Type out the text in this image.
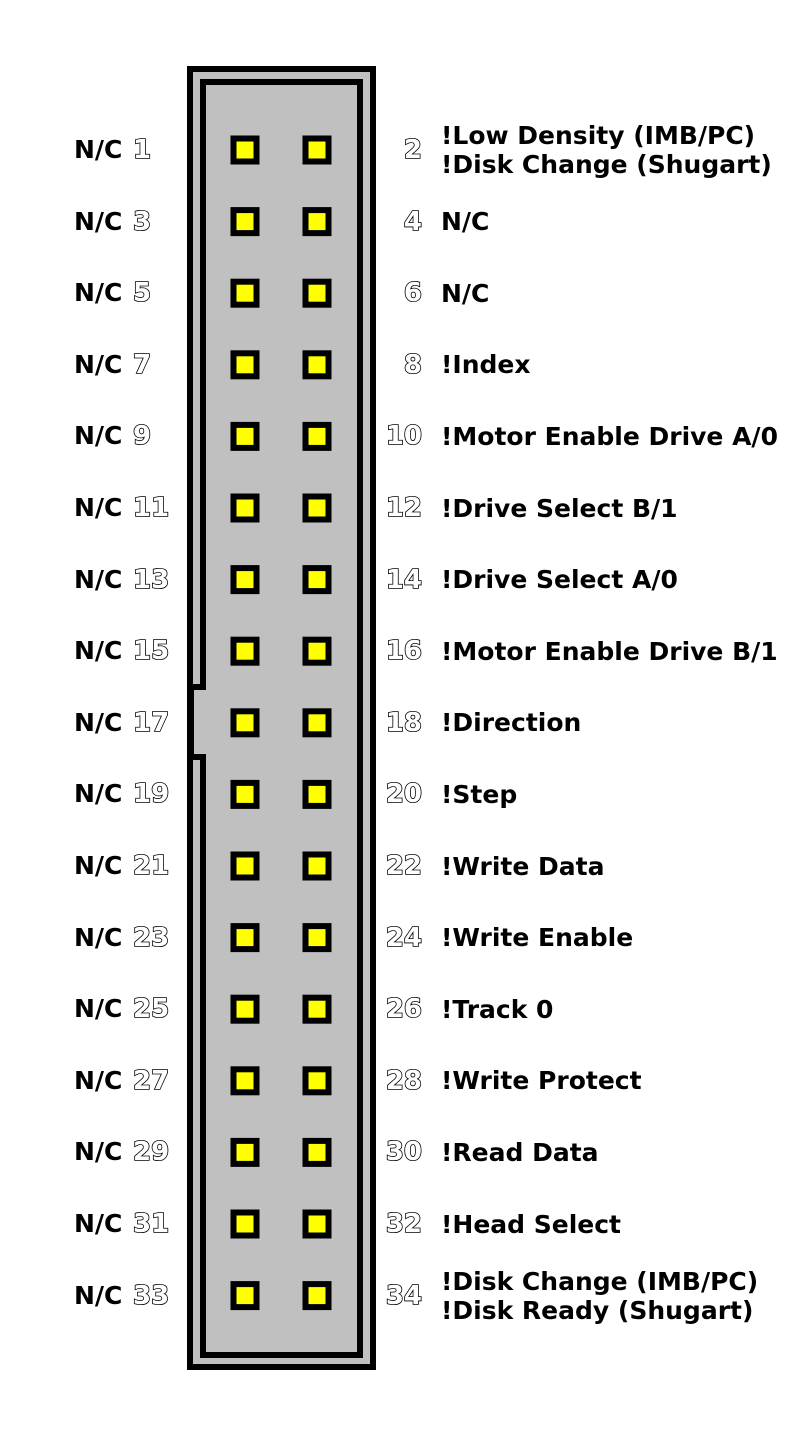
N/C 1	2 !Low Density (IMB/PC)
!Disk Change (Shugart)
N/C 3	4 N/C
N/C 5	6 N/C
N/C 7	8 !Index
N/C 9	10 !Motor Enable Drive A/0
N/C 11	12 !Drive Select B/1
N/C 13	14 !Drive Select A/0
N/C 15	16 !Motor Enable Drive B/1
N/C 17	18 !Direction
N/C 19	20 !Step
N/C 21	22 !Write Data
N/C 23	24 !Write Enable
N/C 25	26 !Track 0
N/C 27	28 !Write Protect
N/C 29	30 !Read Data
N/C 31	32 !Head Select
N/C 33	34 !Disk Change (IMB/PC)
!Disk Ready (Shugart)
